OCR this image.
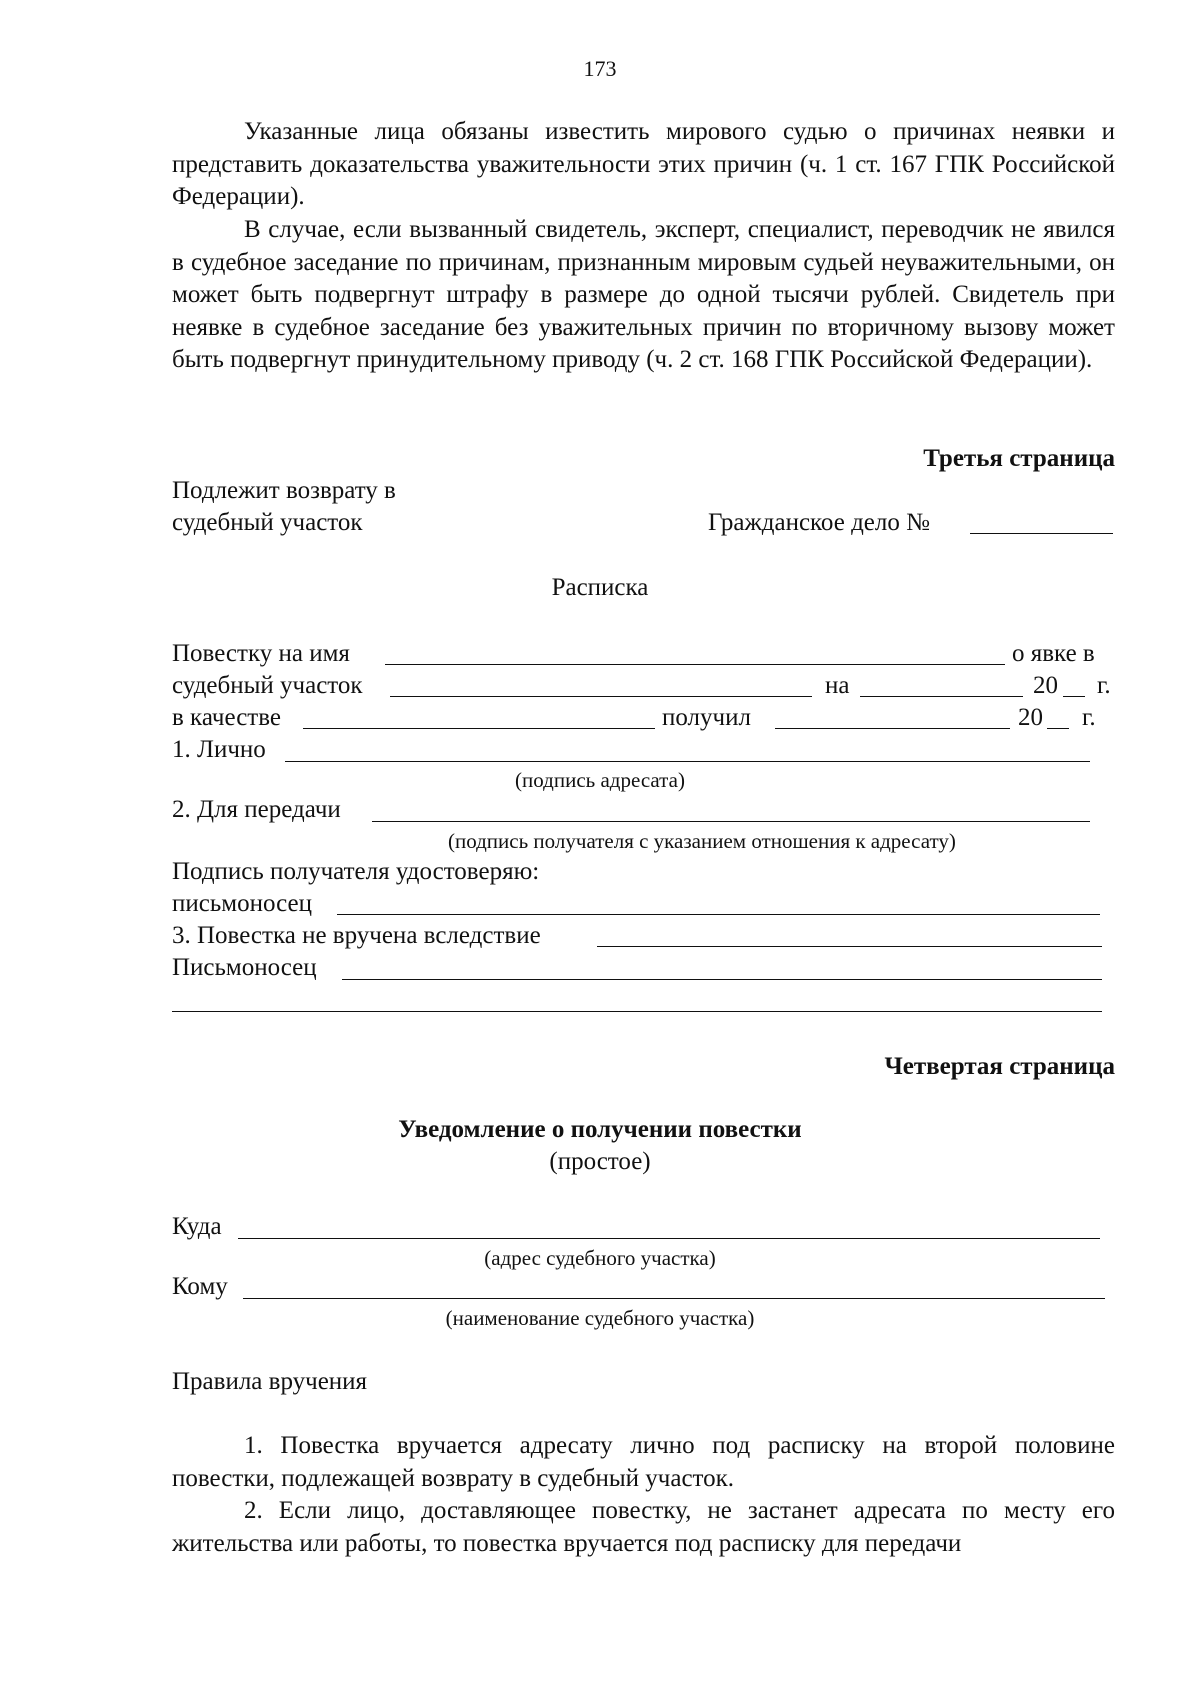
173
Указанные лица обязаны известить мирового судью о причинах неявки и представить доказательства уважительности этих причин (ч. 1 ст. 167 ГПК Российской Федерации).
В случае, если вызванный свидетель, эксперт, специалист, переводчик не явился в судебное заседание по причинам, признанным мировым судьей неуважительными, он может быть подвергнут штрафу в размере до одной тысячи рублей. Свидетель при неявке в судебное заседание без уважительных причин по вторичному вызову может быть подвергнут принудительному приводу (ч. 2 ст. 168 ГПК Российской Федерации).
Третья страница
Подлежит возврату в
судебный участок	Гражданское дело №
Расписка
Повестку на имя	о явке в
судебный участок	на	20 г.
в качестве	получил	20 г.
1. Лично
(подпись адресата)
2. Для передачи
(подпись получателя с указанием отношения к адресату)
Подпись получателя удостоверяю:
письмоносец
3. Повестка не вручена вследствие
Письмоносец
Четвертая страница
Уведомление о получении повестки
(простое)
Куда
(адрес судебного участка)
Кому
(наименование судебного участка)
Правила вручения
1. Повестка вручается адресату лично под расписку на второй половине повестки, подлежащей возврату в судебный участок.
2. Если лицо, доставляющее повестку, не застанет адресата по месту его жительства или работы, то повестка вручается под расписку для передачи
